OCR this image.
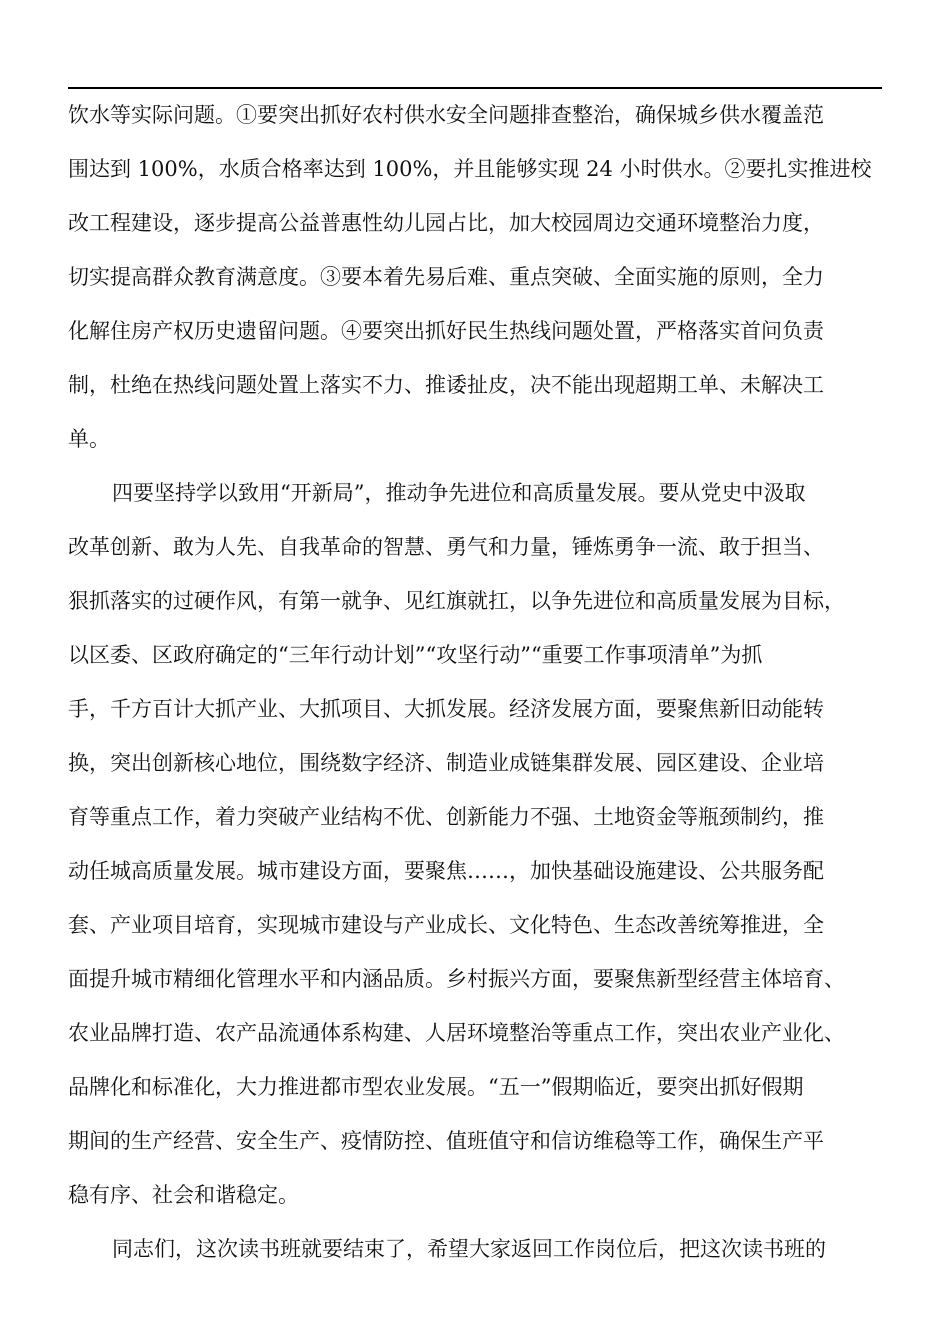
饮水等实际问题。①要突出抓好农村供水安全问题排查整治，确保城乡供水覆盖范
围达到 100%，水质合格率达到 100%，并且能够实现 24 小时供水。②要扎实推进校
改工程建设，逐步提高公益普惠性幼儿园占比，加大校园周边交通环境整治力度，
切实提高群众教育满意度。③要本着先易后难、重点突破、全面实施的原则，全力
化解住房产权历史遗留问题。④要突出抓好民生热线问题处置，严格落实首问负责
制，杜绝在热线问题处置上落实不力、推诿扯皮，决不能出现超期工单、未解决工
单。
四要坚持学以致用“开新局”，推动争先进位和高质量发展。要从党史中汲取
改革创新、敢为人先、自我革命的智慧、勇气和力量，锤炼勇争一流、敢于担当、
狠抓落实的过硬作风，有第一就争、见红旗就扛，以争先进位和高质量发展为目标，
以区委、区政府确定的“三年行动计划”“攻坚行动”“重要工作事项清单”为抓
手，千方百计大抓产业、大抓项目、大抓发展。经济发展方面，要聚焦新旧动能转
换，突出创新核心地位，围绕数字经济、制造业成链集群发展、园区建设、企业培
育等重点工作，着力突破产业结构不优、创新能力不强、土地资金等瓶颈制约，推
动任城高质量发展。城市建设方面，要聚焦……，加快基础设施建设、公共服务配
套、产业项目培育，实现城市建设与产业成长、文化特色、生态改善统筹推进，全
面提升城市精细化管理水平和内涵品质。乡村振兴方面，要聚焦新型经营主体培育、
农业品牌打造、农产品流通体系构建、人居环境整治等重点工作，突出农业产业化、
品牌化和标准化，大力推进都市型农业发展。“五一”假期临近，要突出抓好假期
期间的生产经营、安全生产、疫情防控、值班值守和信访维稳等工作，确保生产平
稳有序、社会和谐稳定。
同志们，这次读书班就要结束了，希望大家返回工作岗位后，把这次读书班的
